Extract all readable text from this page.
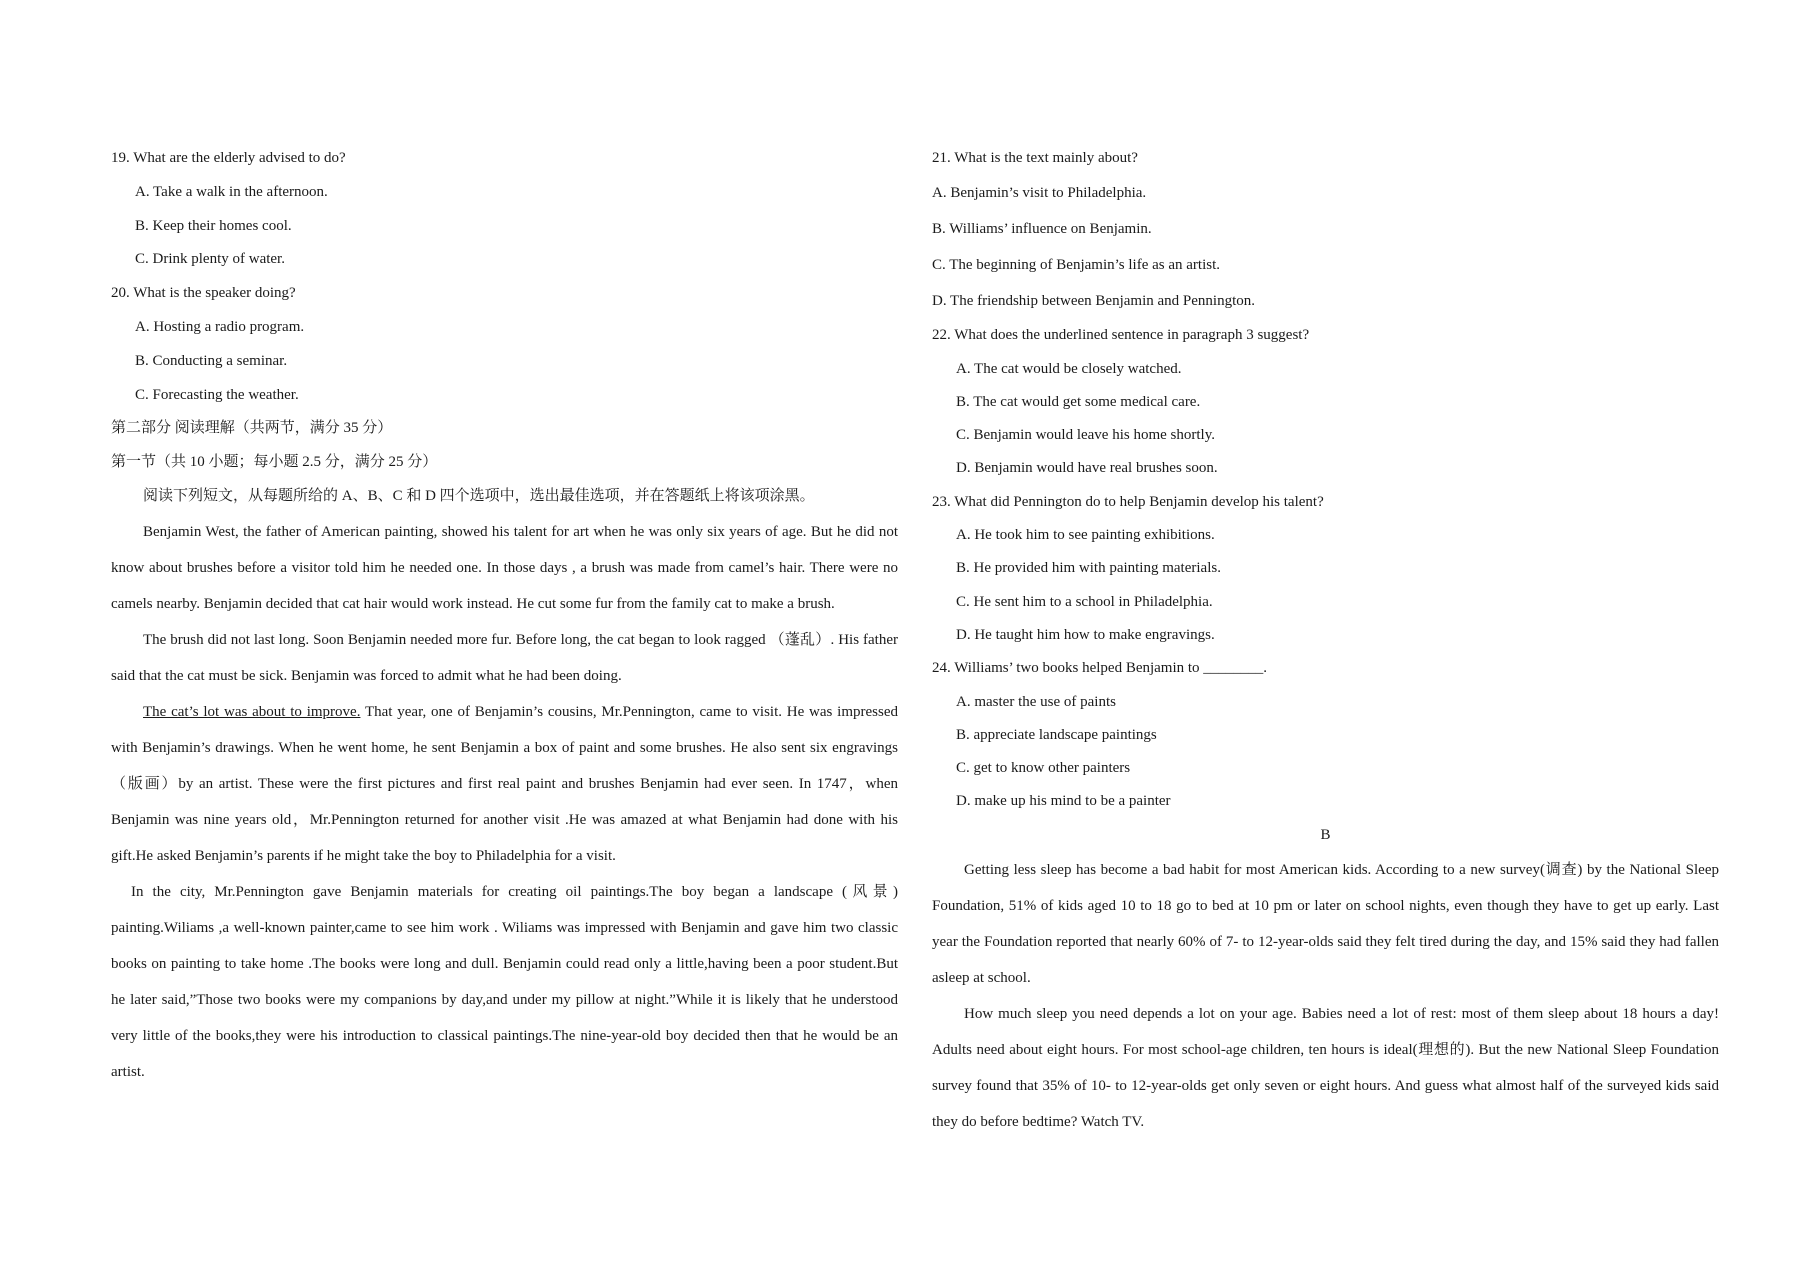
19. What are the elderly advised to do?

A. Take a walk in the afternoon.

B. Keep their homes cool.

C. Drink plenty of water.

20. What is the speaker doing?

A. Hosting a radio program.

B. Conducting a seminar.

C. Forecasting the weather.

第二部分 阅读理解（共两节，满分 35 分）

第一节（共 10 小题；每小题 2.5 分，满分 25 分）

阅读下列短文，从每题所给的 A、B、C 和 D 四个选项中，选出最佳选项，并在答题纸上将该项涂黑。

Benjamin West, the father of American painting, showed his talent for art when he was only six years of age. But he did not know about brushes before a visitor told him he needed one. In those days , a brush was made from camel’s hair. There were no camels nearby. Benjamin decided that cat hair would work instead. He cut some fur from the family cat to make a brush.

The brush did not last long. Soon Benjamin needed more fur. Before long, the cat began to look ragged （蓬乱）. His father said that the cat must be sick. Benjamin was forced to admit what he had been doing.

The cat’s lot was about to improve. That year, one of Benjamin’s cousins, Mr.Pennington, came to visit. He was impressed with Benjamin’s drawings. When he went home, he sent Benjamin a box of paint and some brushes. He also sent six engravings （版画）by an artist. These were the first pictures and first real paint and brushes Benjamin had ever seen. In 1747，when Benjamin was nine years old，Mr.Pennington returned for another visit .He was amazed at what Benjamin had done with his gift.He asked Benjamin’s parents if he might take the boy to Philadelphia for a visit.

In the city, Mr.Pennington gave Benjamin materials for creating oil paintings.The boy began a landscape (风景) painting.Wiliams ,a well-known painter,came to see him work . Wiliams was impressed with Benjamin and gave him two classic books on painting to take home .The books were long and dull. Benjamin could read only a little,having been a poor student.But he later said,”Those two books were my companions by day,and under my pillow at night.”While it is likely that he understood very little of the books,they were his introduction to classical paintings.The nine-year-old boy decided then that he would be an artist.

21. What is the text mainly about?

A. Benjamin’s visit to Philadelphia.

B. Williams’ influence on Benjamin.

C. The beginning of Benjamin’s life as an artist.

D. The friendship between Benjamin and Pennington.

22. What does the underlined sentence in paragraph 3 suggest?

A. The cat would be closely watched.

B. The cat would get some medical care.

C. Benjamin would leave his home shortly.

D. Benjamin would have real brushes soon.

23. What did Pennington do to help Benjamin develop his talent?

A. He took him to see painting exhibitions.

B. He provided him with painting materials.

C. He sent him to a school in Philadelphia.

D. He taught him how to make engravings.

24. Williams’ two books helped Benjamin to ________.

A. master the use of paints

B. appreciate landscape paintings

C. get to know other painters

D. make up his mind to be a painter

B

Getting less sleep has become a bad habit for most American kids. According to a new survey(调查) by the National Sleep Foundation, 51% of kids aged 10 to 18 go to bed at 10 pm or later on school nights, even though they have to get up early. Last year the Foundation reported that nearly 60% of 7- to 12-year-olds said they felt tired during the day, and 15% said they had fallen asleep at school.

How much sleep you need depends a lot on your age. Babies need a lot of rest: most of them sleep about 18 hours a day! Adults need about eight hours. For most school-age children, ten hours is ideal(理想的). But the new National Sleep Foundation survey found that 35% of 10- to 12-year-olds get only seven or eight hours. And guess what almost half of the surveyed kids said they do before bedtime? Watch TV.
